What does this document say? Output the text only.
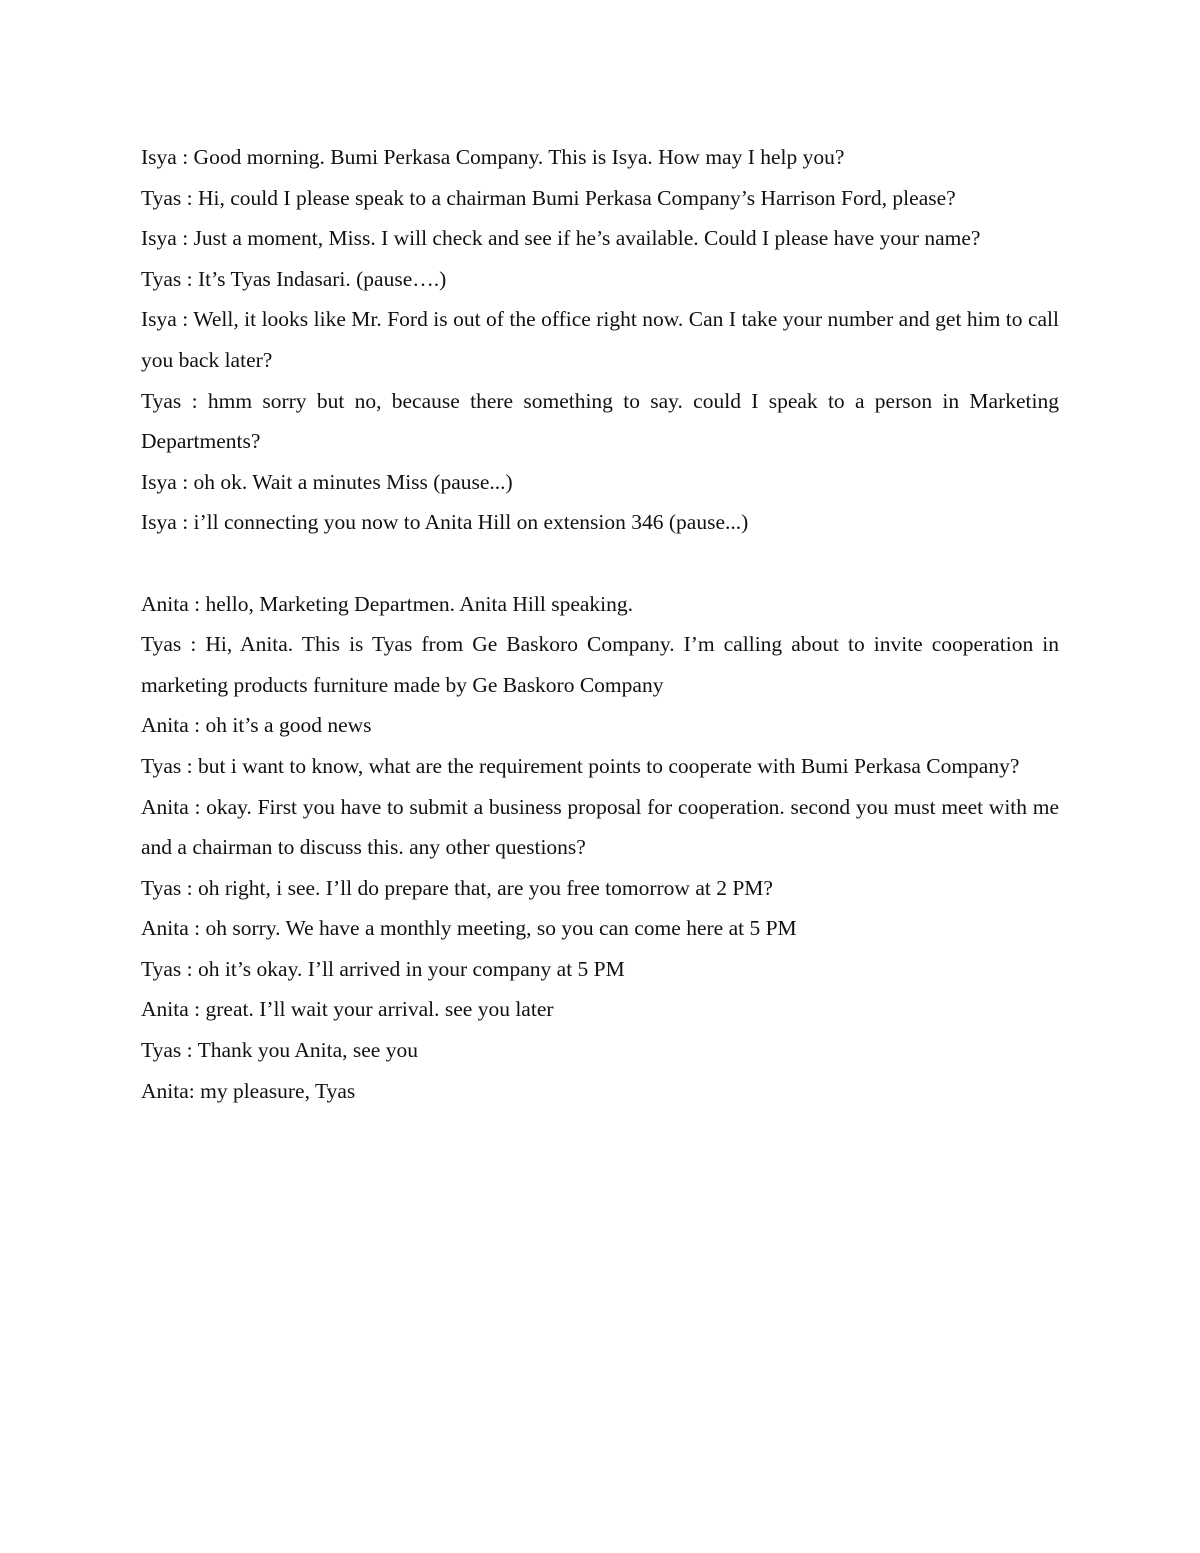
Isya : Good morning. Bumi Perkasa Company. This is Isya. How may I help you?

Tyas : Hi, could I please speak to a chairman Bumi Perkasa Company’s Harrison Ford, please?

Isya : Just a moment, Miss. I will check and see if he’s available. Could I please have your name?

Tyas : It’s Tyas Indasari. (pause….)

Isya : Well, it looks like Mr. Ford is out of the office right now. Can I take your number and get him to call you back later?

Tyas : hmm sorry but no, because there something to say. could I speak to a person in Marketing Departments?

Isya : oh ok. Wait a minutes Miss (pause...)

Isya : i’ll connecting you now to Anita Hill on extension 346 (pause...)

Anita : hello, Marketing Departmen. Anita Hill speaking.

Tyas : Hi, Anita. This is Tyas from Ge Baskoro Company. I’m calling about to invite cooperation in marketing products furniture made by Ge Baskoro Company

Anita : oh it’s a good news

Tyas : but i want to know, what are the requirement points to cooperate with Bumi Perkasa Company?

Anita : okay. First you have to submit a business proposal for cooperation. second you must meet with me and a chairman to discuss this. any other questions?

Tyas : oh right, i see. I’ll do prepare that, are you free tomorrow at 2 PM?

Anita : oh sorry. We have a monthly meeting, so you can come here at 5 PM

Tyas : oh it’s okay. I’ll arrived in your company at 5 PM

Anita : great. I’ll wait your arrival. see you later

Tyas : Thank you Anita, see you

Anita: my pleasure, Tyas
